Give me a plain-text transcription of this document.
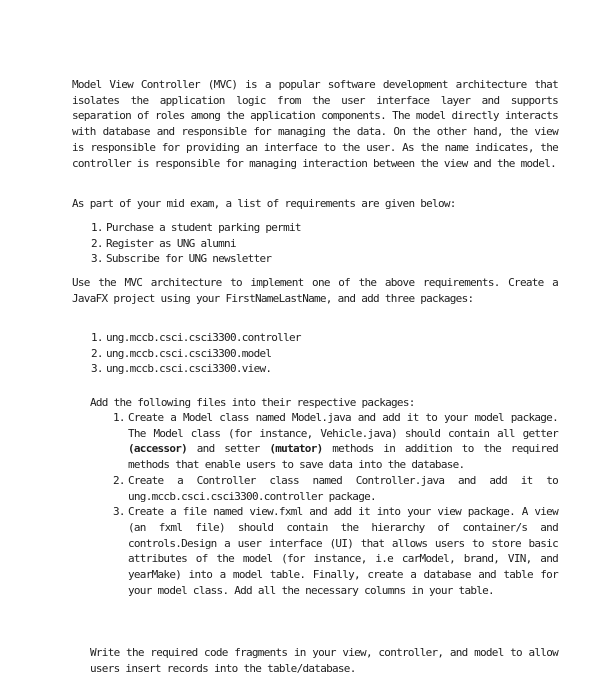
Model View Controller (MVC) is a popular software development architecture that isolates the application logic from the user interface layer and supports separation of roles among the application components. The model directly interacts with database and responsible for managing the data. On the other hand, the view is responsible for providing an interface to the user. As the name indicates, the controller is responsible for managing interaction between the view and the model.
As part of your mid exam, a list of requirements are given below:
1. Purchase a student parking permit
2. Register as UNG alumni
3. Subscribe for UNG newsletter
Use the MVC architecture to implement one of the above requirements. Create a JavaFX project using your FirstNameLastName, and add three packages:
1. ung.mccb.csci.csci3300.controller
2. ung.mccb.csci.csci3300.model
3. ung.mccb.csci.csci3300.view.
Add the following files into their respective packages:
1. Create a Model class named Model.java and add it to your model package. The Model class (for instance, Vehicle.java) should contain all getter (accessor) and setter (mutator) methods in addition to the required methods that enable users to save data into the database.
2. Create a Controller class named Controller.java and add it to ung.mccb.csci.csci3300.controller package.
3. Create a file named view.fxml and add it into your view package. A view (an fxml file) should contain the hierarchy of container/s and controls.Design a user interface (UI) that allows users to store basic attributes of the model (for instance, i.e carModel, brand, VIN, and yearMake) into a model table. Finally, create a database and table for your model class. Add all the necessary columns in your table.
Write the required code fragments in your view, controller, and model to allow users insert records into the table/database.
